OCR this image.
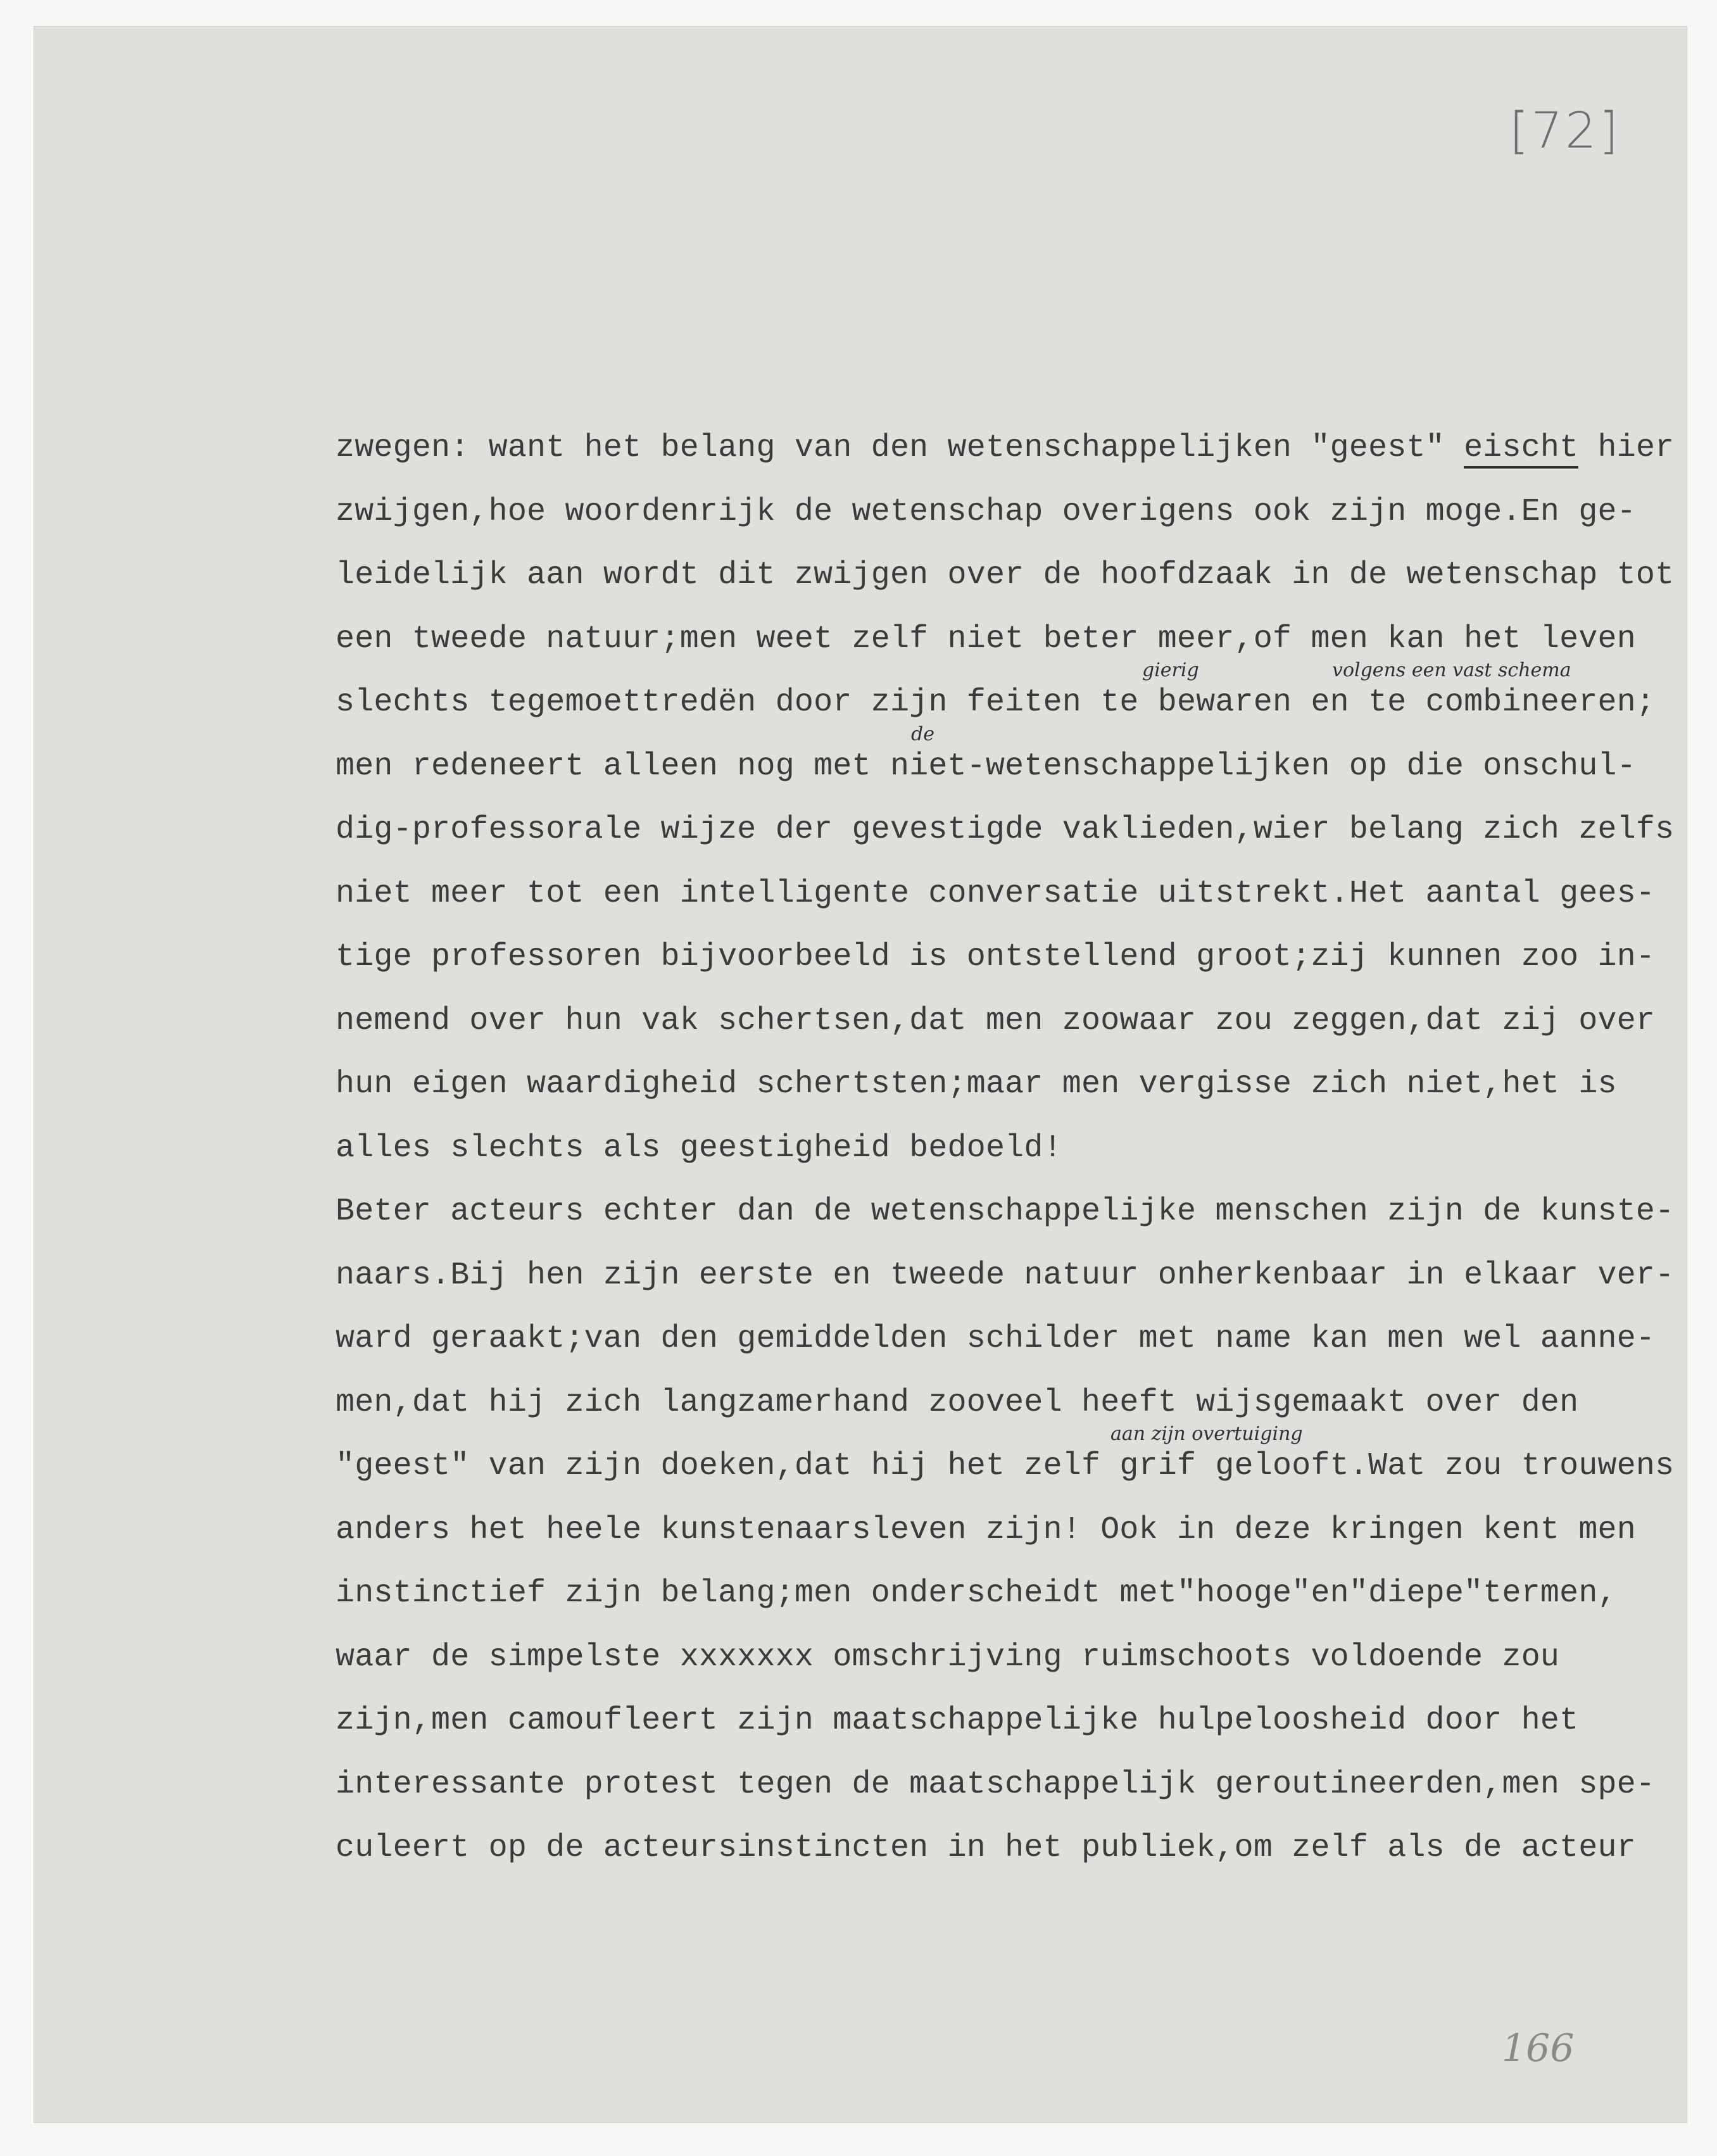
[72]
gierig	volgens een vast schema
de
aan zijn overtuiging
zwegen: want het belang van den wetenschappelijken "geest" eischt hier
zwijgen,hoe woordenrijk de wetenschap overigens ook zijn moge.En ge-
leidelijk aan wordt dit zwijgen over de hoofdzaak in de wetenschap tot
een tweede natuur;men weet zelf niet beter meer,of men kan het leven
slechts tegemoettredën door zijn feiten te bewaren en te combineeren;
men redeneert alleen nog met niet-wetenschappelijken op die onschul-
dig-professorale wijze der gevestigde vaklieden,wier belang zich zelfs
niet meer tot een intelligente conversatie uitstrekt.Het aantal gees-
tige professoren bijvoorbeeld is ontstellend groot;zij kunnen zoo in-
nemend over hun vak schertsen,dat men zoowaar zou zeggen,dat zij over
hun eigen waardigheid schertsten;maar men vergisse zich niet,het is
alles slechts als geestigheid bedoeld!
Beter acteurs echter dan de wetenschappelijke menschen zijn de kunste-
naars.Bij hen zijn eerste en tweede natuur onherkenbaar in elkaar ver-
ward geraakt;van den gemiddelden schilder met name kan men wel aanne-
men,dat hij zich langzamerhand zooveel heeft wijsgemaakt over den
"geest" van zijn doeken,dat hij het zelf grif gelooft.Wat zou trouwens
anders het heele kunstenaarsleven zijn! Ook in deze kringen kent men
instinctief zijn belang;men onderscheidt met"hooge"en"diepe"termen,
waar de simpelste xxxxxxx omschrijving ruimschoots voldoende zou
zijn,men camoufleert zijn maatschappelijke hulpeloosheid door het
interessante protest tegen de maatschappelijk geroutineerden,men spe-
culeert op de acteursinstincten in het publiek,om zelf als de acteur
166
